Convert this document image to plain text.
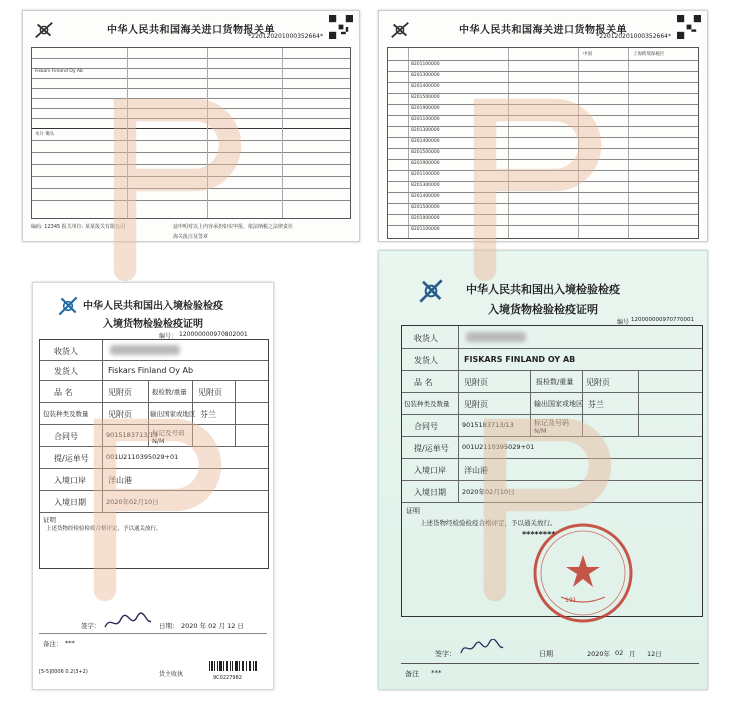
中华人民共和国海关进口货物报关单
*220120201000352664*
Fiskars Finland Oy Ab
木片 锄头
编码: 12345 报关单位: 某某报关有限公司	兹申明对以上内容承担如实申报、依法纳税之法律责任
海关批注及签章
中华人民共和国海关进口货物报关单
*220120201000352664*
中国	上海跨境保税区
8201100000
8201300000
8201400000
8201500000
8201900000
8201100000
8201300000
8201400000
8201500000
8201900000
8201100000
8201300000
8201400000
8201500000
8201900000
8201100000
中华人民共和国出入境检验检疫
入境货物检验检疫证明
编号： 120000000970802001
收货人
发货人	Fiskars Finland Oy Ab
品 名	见附页	报检数/重量 见附页
包装种类及数量 见附页	输出国家或地区 芬兰
合同号	9015183713/13
标记及号码
N/M
提/运单号	001U2110395029+01
入境口岸	洋山港
入境日期	2020年02月10日
证明
上述货物经检验检疫合格评定，予以通关放行。
签字：	日期： 2020 年 02 月 12 日
备注： ***
[5-5]0006 0.2(3+2)	货主收执	9C0227982
中华人民共和国出入境检验检疫
入境货物检验检疫证明
编号 120000000970770001
收货人
发货人	FISKARS FINLAND OY AB
品 名	见附页	报检数/重量 见附页
包装种类及数量 见附页	输出国家或地区 芬兰
合同号	9015183713/13	标记及号码
N/M
提/运单号 001U2110395029+01
入境口岸 洋山港
入境日期 2020年02月10日
证明
上述货物经检验检疫合格评定，予以通关放行。
********
191
签字：	日期	2020年 02 月 12日
备注 ***
